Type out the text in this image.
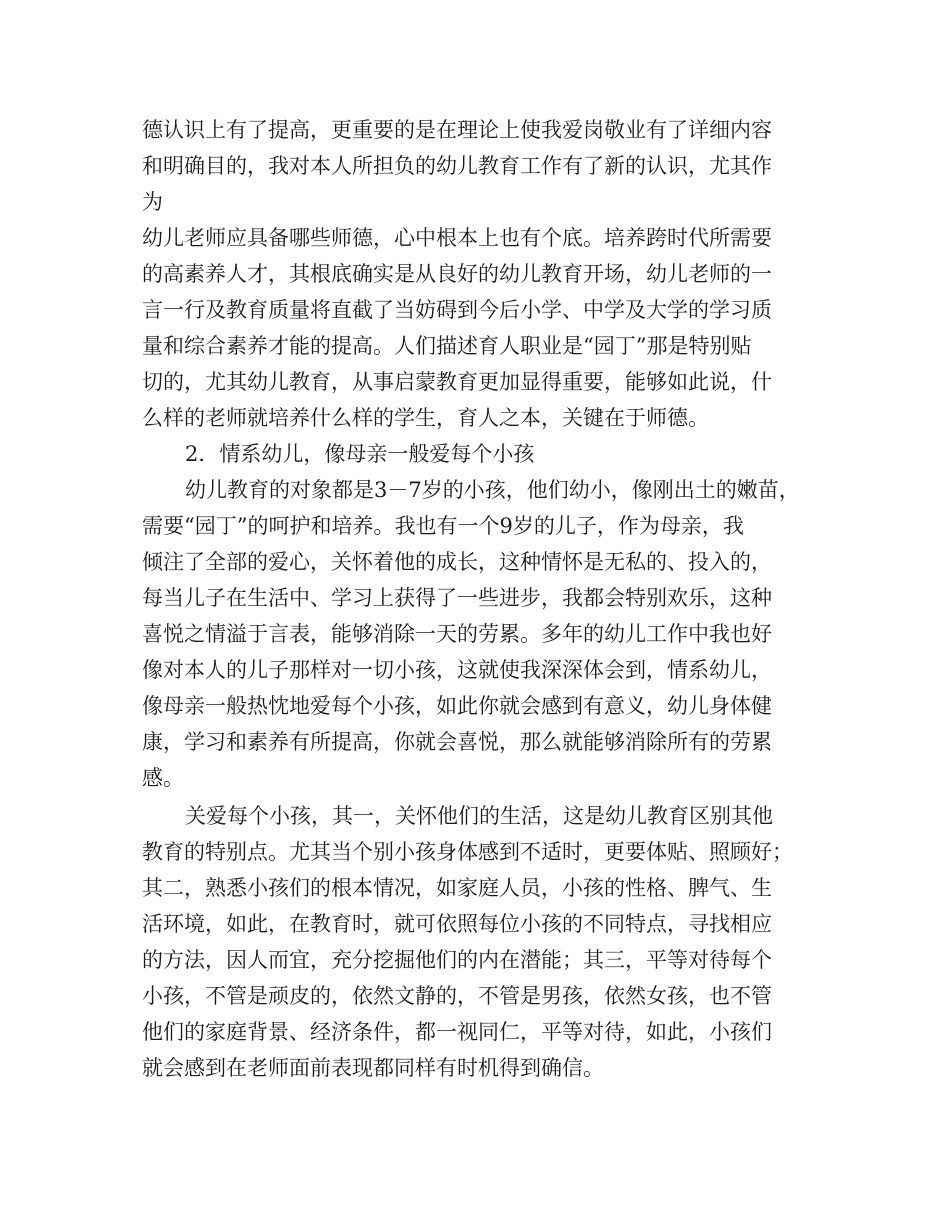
德认识上有了提高，更重要的是在理论上使我爱岗敬业有了详细内容
和明确目的，我对本人所担负的幼儿教育工作有了新的认识，尤其作
为
幼儿老师应具备哪些师德，心中根本上也有个底。培养跨时代所需要
的高素养人才，其根底确实是从良好的幼儿教育开场，幼儿老师的一
言一行及教育质量将直截了当妨碍到今后小学、中学及大学的学习质
量和综合素养才能的提高。人们描述育人职业是“园丁”那是特别贴
切的，尤其幼儿教育，从事启蒙教育更加显得重要，能够如此说，什
么样的老师就培养什么样的学生，育人之本，关键在于师德。
2．情系幼儿，像母亲一般爱每个小孩
幼儿教育的对象都是3－7岁的小孩，他们幼小，像刚出土的嫩苗，
需要“园丁”的呵护和培养。我也有一个9岁的儿子，作为母亲，我
倾注了全部的爱心，关怀着他的成长，这种情怀是无私的、投入的，
每当儿子在生活中、学习上获得了一些进步，我都会特别欢乐，这种
喜悦之情溢于言表，能够消除一天的劳累。多年的幼儿工作中我也好
像对本人的儿子那样对一切小孩，这就使我深深体会到，情系幼儿，
像母亲一般热忱地爱每个小孩，如此你就会感到有意义，幼儿身体健
康，学习和素养有所提高，你就会喜悦，那么就能够消除所有的劳累
感。
关爱每个小孩，其一，关怀他们的生活，这是幼儿教育区别其他
教育的特别点。尤其当个别小孩身体感到不适时，更要体贴、照顾好；
其二，熟悉小孩们的根本情况，如家庭人员，小孩的性格、脾气、生
活环境，如此，在教育时，就可依照每位小孩的不同特点，寻找相应
的方法，因人而宜，充分挖掘他们的内在潜能；其三，平等对待每个
小孩，不管是顽皮的，依然文静的，不管是男孩，依然女孩，也不管
他们的家庭背景、经济条件，都一视同仁，平等对待，如此，小孩们
就会感到在老师面前表现都同样有时机得到确信。
